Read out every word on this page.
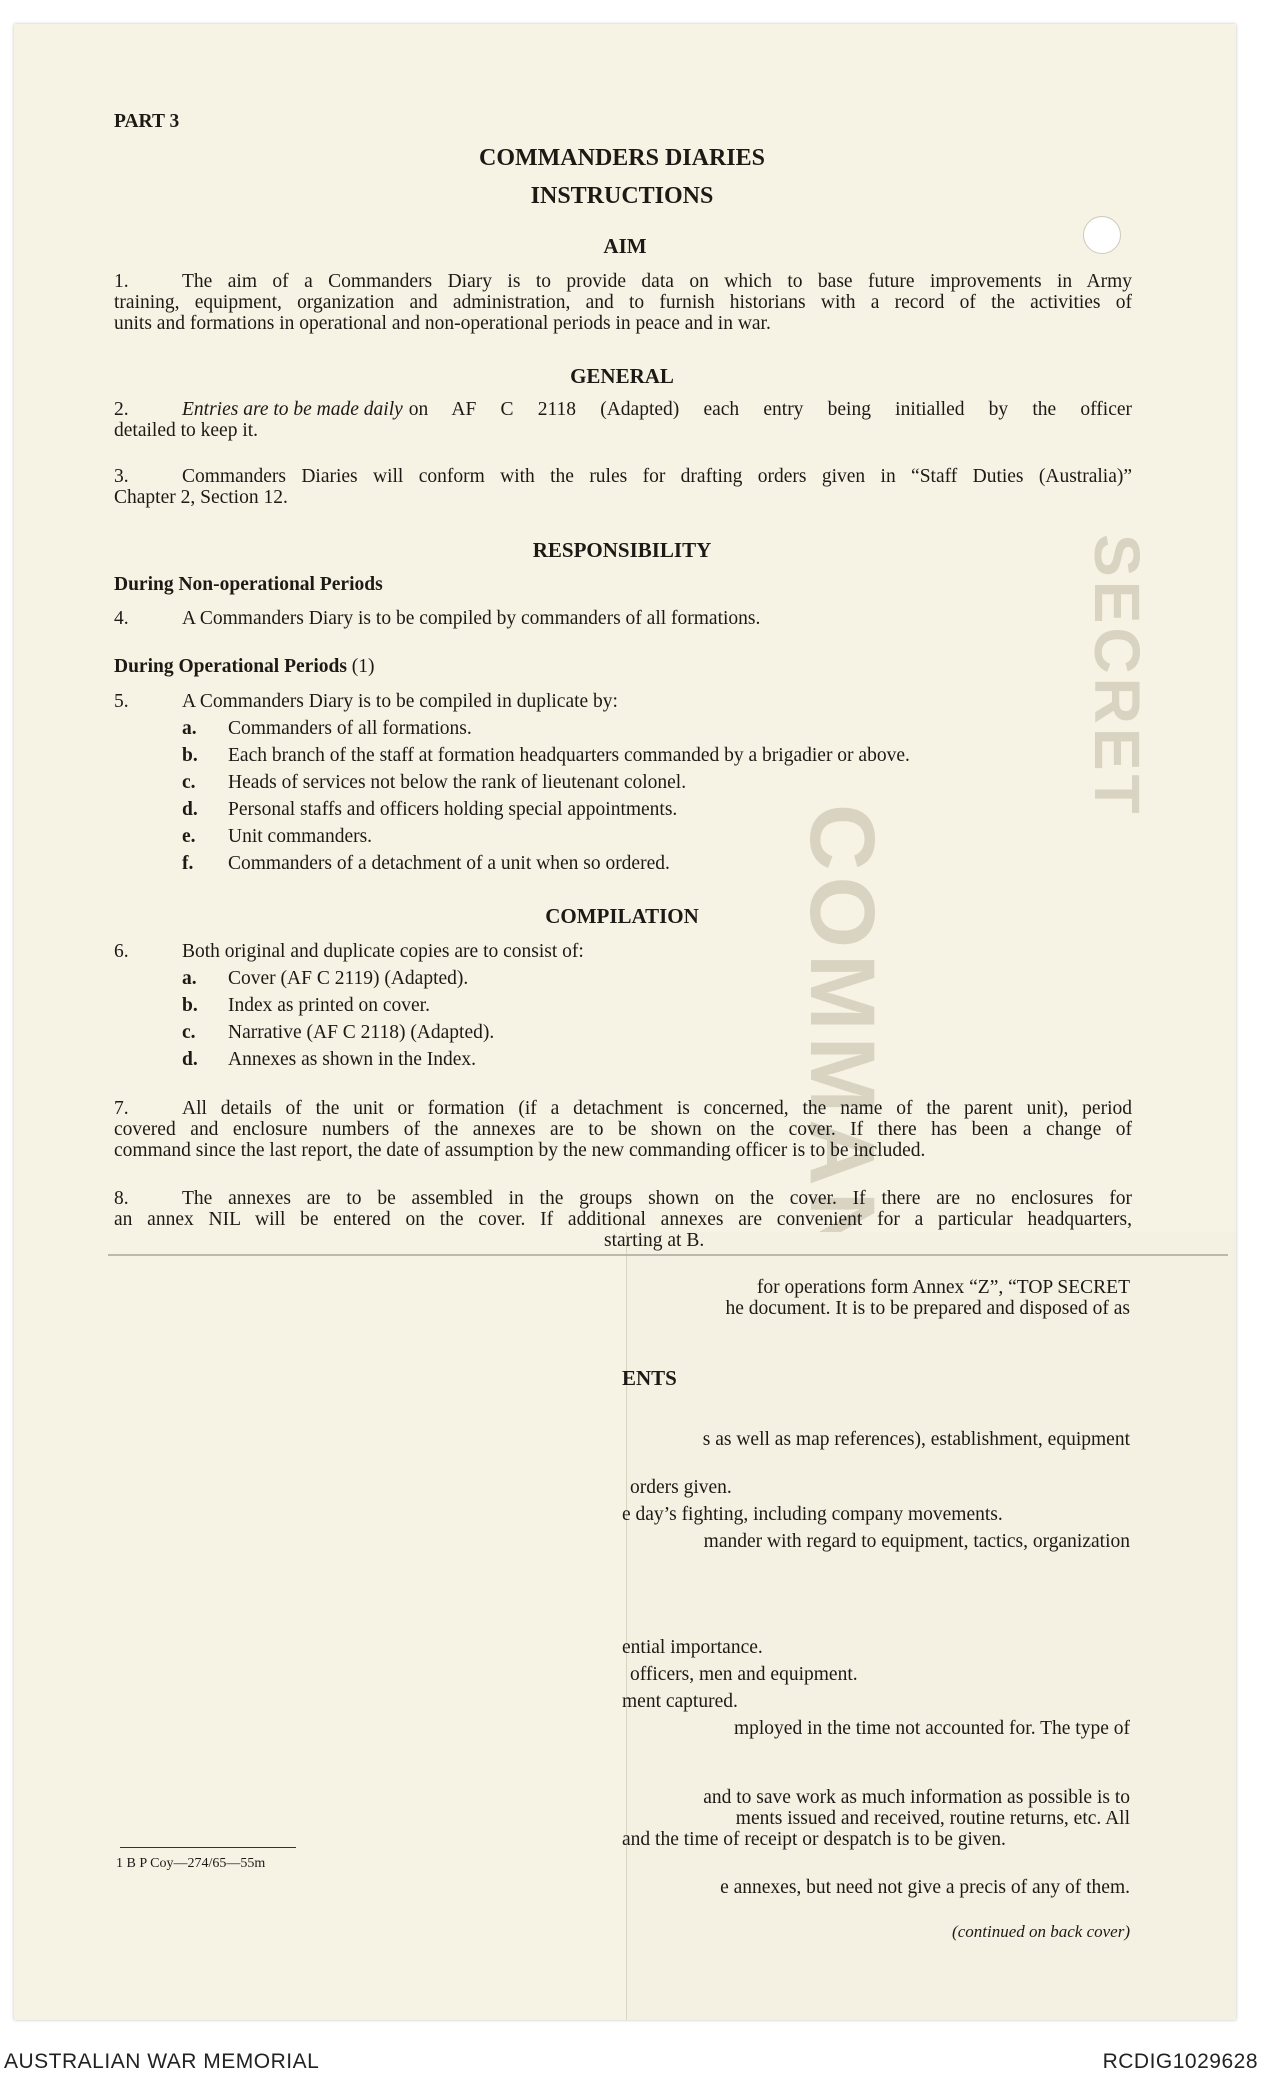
SECRET
PART 3
COMMANDERS DIARIES
INSTRUCTIONS
AIM
1.	The aim of a Commanders Diary is to provide data on which to base future improvements in Army
training, equipment, organization and administration, and to furnish historians with a record of the activities of
units and formations in operational and non-operational periods in peace and in war.
GENERAL
2.	Entries are to be made daily on AF C 2118 (Adapted) each entry being initialled by the officer
detailed to keep it.
3.	Commanders Diaries will conform with the rules for drafting orders given in “Staff Duties (Australia)”
Chapter 2, Section 12.
RESPONSIBILITY
During Non-operational Periods
4.	A Commanders Diary is to be compiled by commanders of all formations.
During Operational Periods (1)
5.	A Commanders Diary is to be compiled in duplicate by:
a. Commanders of all formations.
b. Each branch of the staff at formation headquarters commanded by a brigadier or above.
c. Heads of services not below the rank of lieutenant colonel.
d. Personal staffs and officers holding special appointments.
e. Unit commanders.
f. Commanders of a detachment of a unit when so ordered.
COMPILATION
6.	Both original and duplicate copies are to consist of:
a. Cover (AF C 2119) (Adapted).
b. Index as printed on cover.
c. Narrative (AF C 2118) (Adapted).
d. Annexes as shown in the Index.
7.	All details of the unit or formation (if a detachment is concerned, the name of the parent unit), period
covered and enclosure numbers of the annexes are to be shown on the cover. If there has been a change of
command since the last report, the date of assumption by the new commanding officer is to be included.
8.	The annexes are to be assembled in the groups shown on the cover. If there are no enclosures for
an annex NIL will be entered on the cover. If additional annexes are convenient for a particular headquarters,
starting at B.
for operations form Annex “Z”, “TOP SECRET
he document. It is to be prepared and disposed of as
ENTS
s as well as map references), establishment, equipment
orders given.
e day’s fighting, including company movements.
mander with regard to equipment, tactics, organization
ential importance.
officers, men and equipment.
ment captured.
mployed in the time not accounted for. The type of
and to save work as much information as possible is to
ments issued and received, routine returns, etc. All
and the time of receipt or despatch is to be given.
e annexes, but need not give a precis of any of them.
(continued on back cover)
1 B P Coy—274/65—55m
AUSTRALIAN WAR MEMORIAL	RCDIG1029628
